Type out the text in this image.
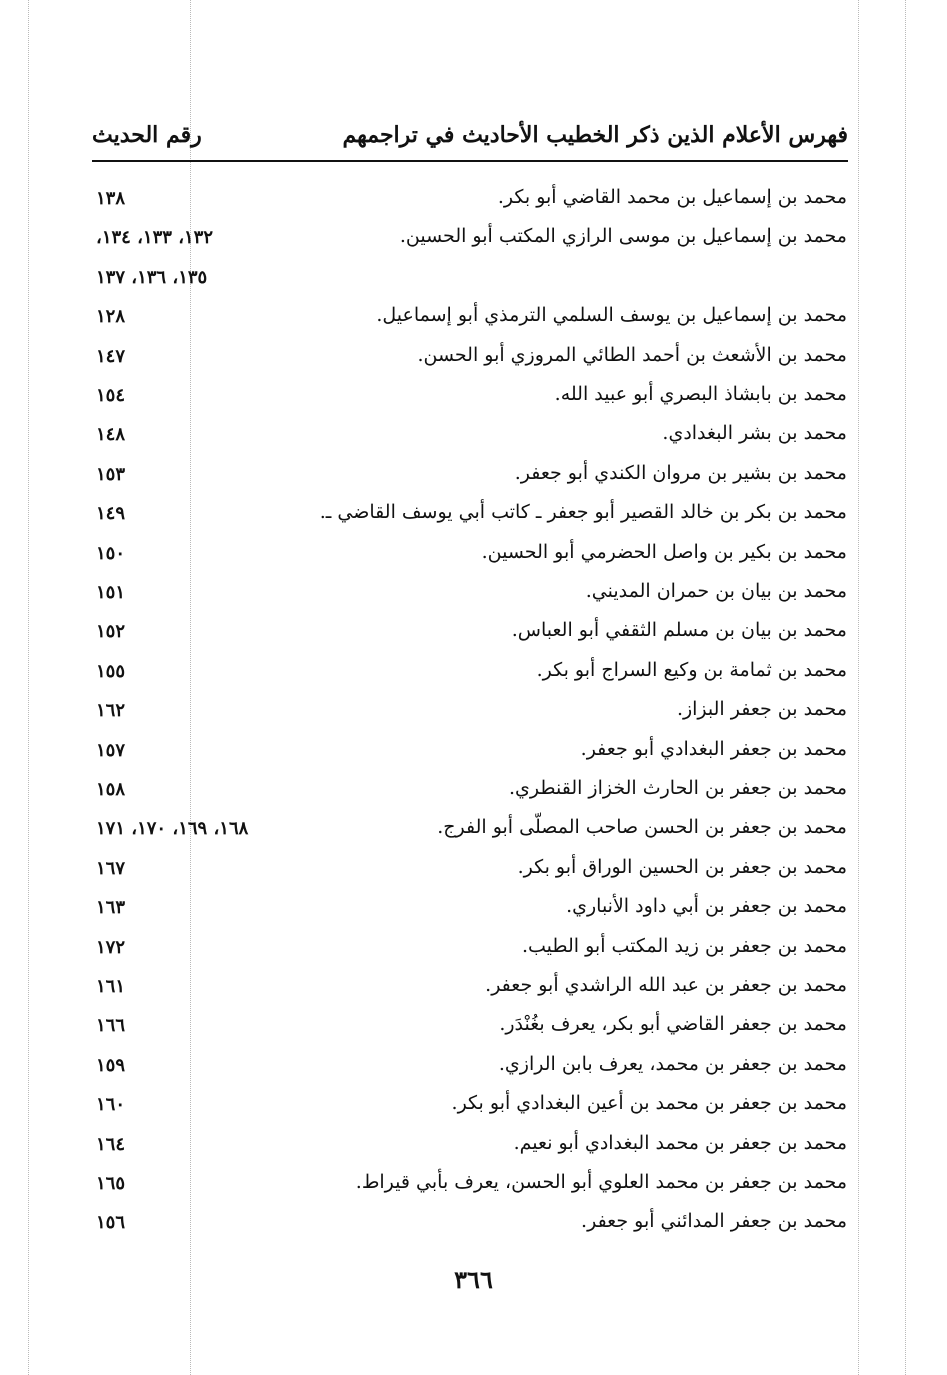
فهرس الأعلام الذين ذكر الخطيب الأحاديث في تراجمهم
رقم الحديث
محمد بن إسماعيل بن محمد القاضي أبو بكر.
١٣٨
محمد بن إسماعيل بن موسى الرازي المكتب أبو الحسين.
١٣٢، ١٣٣، ١٣٤،
١٣٥، ١٣٦، ١٣٧
محمد بن إسماعيل بن يوسف السلمي الترمذي أبو إسماعيل.
١٢٨
محمد بن الأشعث بن أحمد الطائي المروزي أبو الحسن.
١٤٧
محمد بن بابشاذ البصري أبو عبيد الله.
١٥٤
محمد بن بشر البغدادي.
١٤٨
محمد بن بشير بن مروان الكندي أبو جعفر.
١٥٣
محمد بن بكر بن خالد القصير أبو جعفر ـ كاتب أبي يوسف القاضي ـ.
١٤٩
محمد بن بكير بن واصل الحضرمي أبو الحسين.
١٥٠
محمد بن بيان بن حمران المديني.
١٥١
محمد بن بيان بن مسلم الثقفي أبو العباس.
١٥٢
محمد بن ثمامة بن وكيع السراج أبو بكر.
١٥٥
محمد بن جعفر البزاز.
١٦٢
محمد بن جعفر البغدادي أبو جعفر.
١٥٧
محمد بن جعفر بن الحارث الخزاز القنطري.
١٥٨
محمد بن جعفر بن الحسن صاحب المصلّى أبو الفرج.
١٦٨، ١٦٩، ١٧٠، ١٧١
محمد بن جعفر بن الحسين الوراق أبو بكر.
١٦٧
محمد بن جعفر بن أبي داود الأنباري.
١٦٣
محمد بن جعفر بن زيد المكتب أبو الطيب.
١٧٢
محمد بن جعفر بن عبد الله الراشدي أبو جعفر.
١٦١
محمد بن جعفر القاضي أبو بكر، يعرف بغُنْدَر.
١٦٦
محمد بن جعفر بن محمد، يعرف بابن الرازي.
١٥٩
محمد بن جعفر بن محمد بن أعين البغدادي أبو بكر.
١٦٠
محمد بن جعفر بن محمد البغدادي أبو نعيم.
١٦٤
محمد بن جعفر بن محمد العلوي أبو الحسن، يعرف بأبي قيراط.
١٦٥
محمد بن جعفر المدائني أبو جعفر.
١٥٦
٣٦٦
